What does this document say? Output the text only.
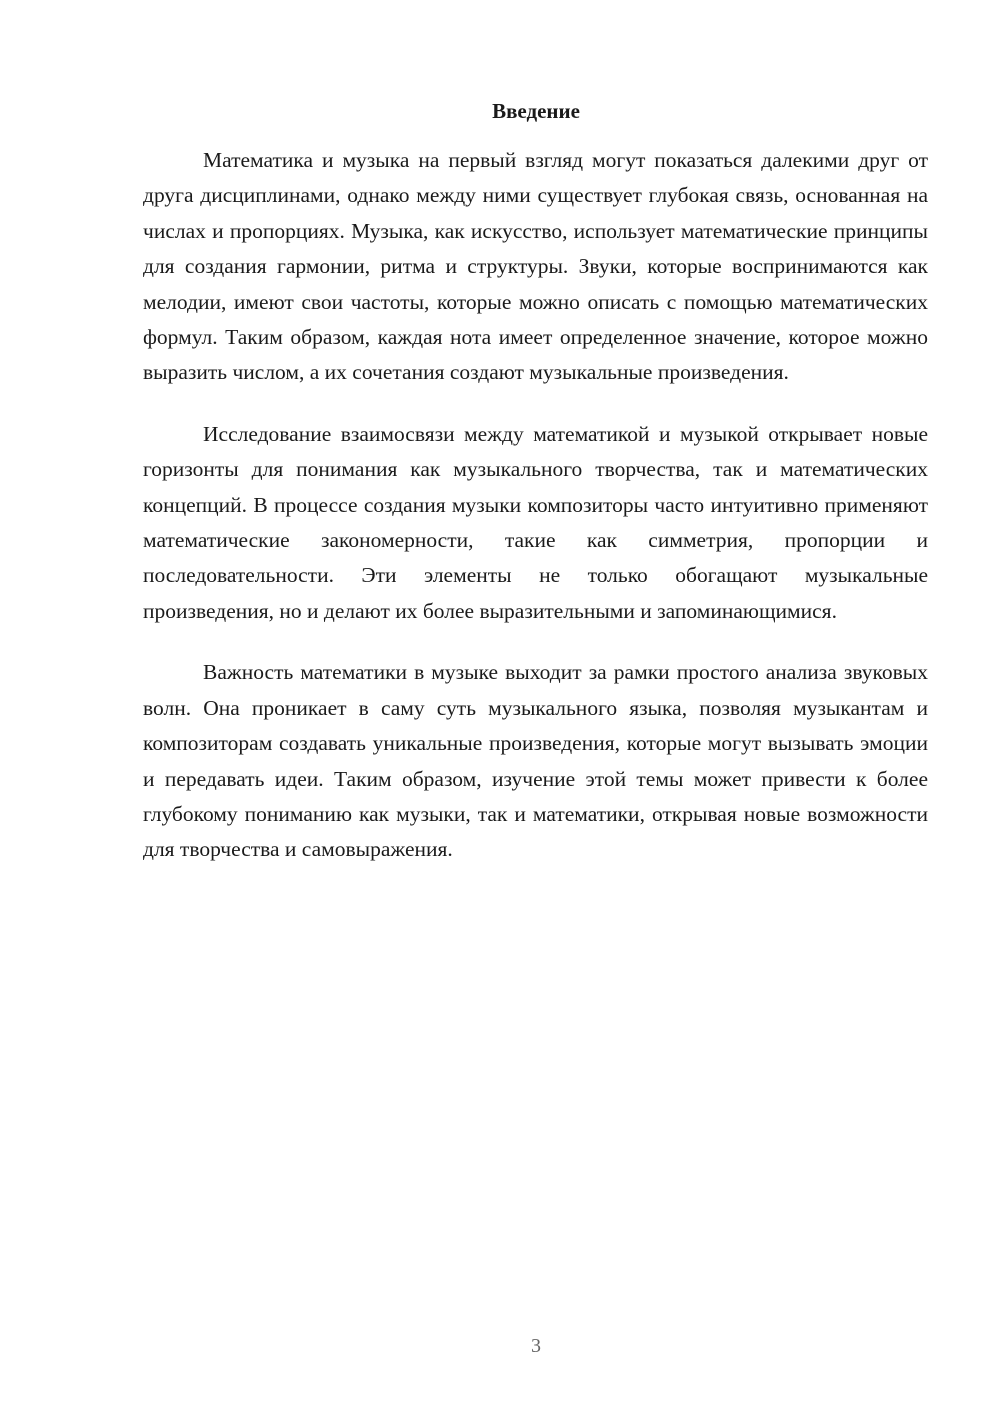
Введение

Математика и музыка на первый взгляд могут показаться далекими друг от друга дисциплинами, однако между ними существует глубокая связь, основанная на числах и пропорциях. Музыка, как искусство, использует математические принципы для создания гармонии, ритма и структуры. Звуки, которые воспринимаются как мелодии, имеют свои частоты, которые можно описать с помощью математических формул. Таким образом, каждая нота имеет определенное значение, которое можно выразить числом, а их сочетания создают музыкальные произведения.

Исследование взаимосвязи между математикой и музыкой открывает новые горизонты для понимания как музыкального творчества, так и математических концепций. В процессе создания музыки композиторы часто интуитивно применяют математические закономерности, такие как симметрия, пропорции и последовательности. Эти элементы не только обогащают музыкальные произведения, но и делают их более выразительными и запоминающимися.

Важность математики в музыке выходит за рамки простого анализа звуковых волн. Она проникает в саму суть музыкального языка, позволяя музыкантам и композиторам создавать уникальные произведения, которые могут вызывать эмоции и передавать идеи. Таким образом, изучение этой темы может привести к более глубокому пониманию как музыки, так и математики, открывая новые возможности для творчества и самовыражения.

3
